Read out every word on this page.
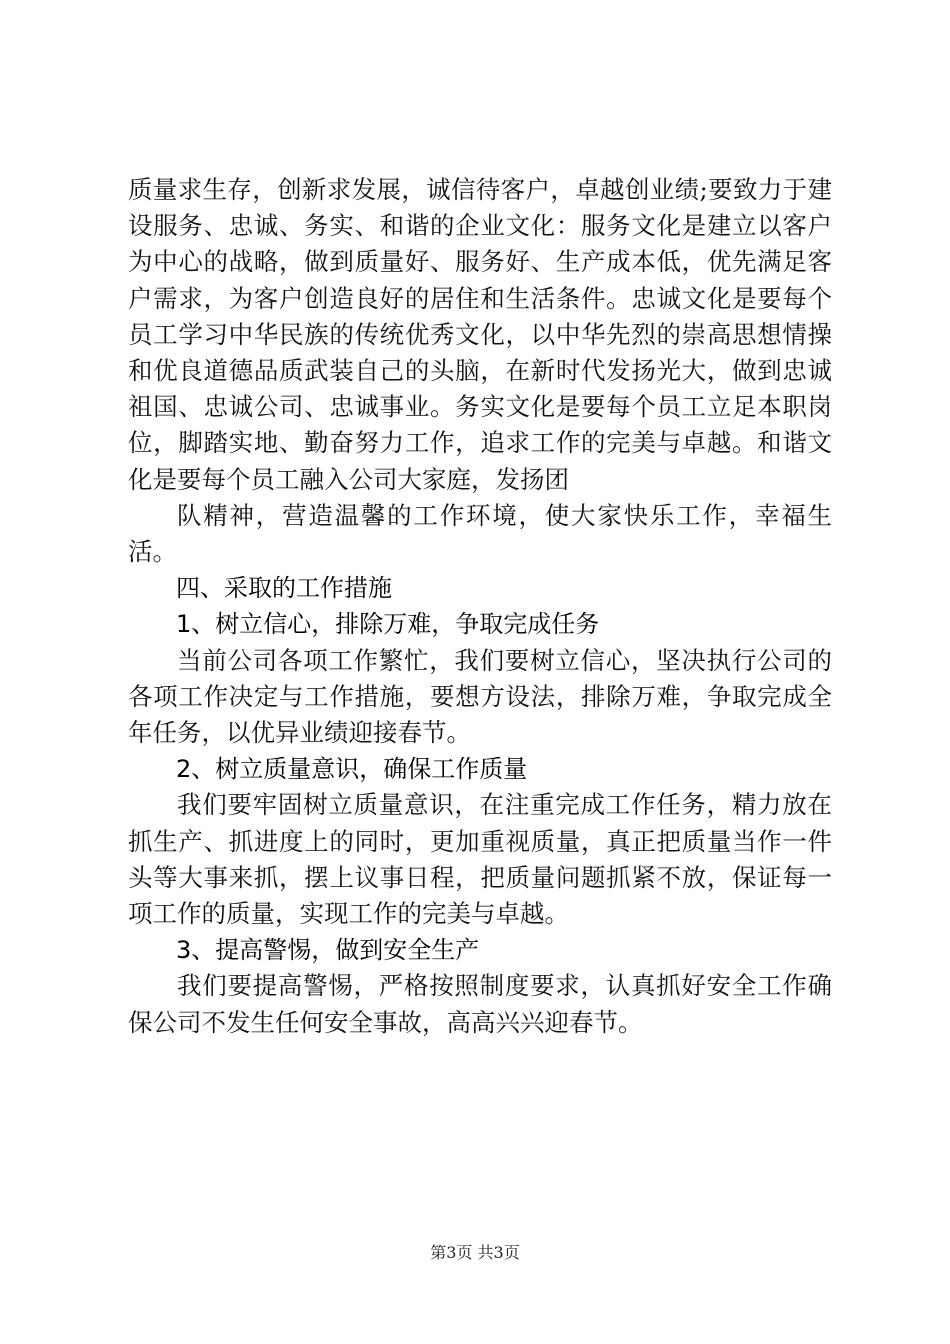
质量求生存，创新求发展，诚信待客户，卓越创业绩;要致力于建设服务、忠诚、务实、和谐的企业文化：服务文化是建立以客户为中心的战略，做到质量好、服务好、生产成本低，优先满足客户需求，为客户创造良好的居住和生活条件。忠诚文化是要每个员工学习中华民族的传统优秀文化，以中华先烈的崇高思想情操和优良道德品质武装自己的头脑，在新时代发扬光大，做到忠诚祖国、忠诚公司、忠诚事业。务实文化是要每个员工立足本职岗位，脚踏实地、勤奋努力工作，追求工作的完美与卓越。和谐文化是要每个员工融入公司大家庭，发扬团

队精神，营造温馨的工作环境，使大家快乐工作，幸福生活。

四、采取的工作措施

1、树立信心，排除万难，争取完成任务

当前公司各项工作繁忙，我们要树立信心，坚决执行公司的各项工作决定与工作措施，要想方设法，排除万难，争取完成全年任务，以优异业绩迎接春节。

2、树立质量意识，确保工作质量

我们要牢固树立质量意识，在注重完成工作任务，精力放在抓生产、抓进度上的同时，更加重视质量，真正把质量当作一件头等大事来抓，摆上议事日程，把质量问题抓紧不放，保证每一项工作的质量，实现工作的完美与卓越。

3、提高警惕，做到安全生产

我们要提高警惕，严格按照制度要求，认真抓好安全工作确保公司不发生任何安全事故，高高兴兴迎春节。

第3页 共3页
